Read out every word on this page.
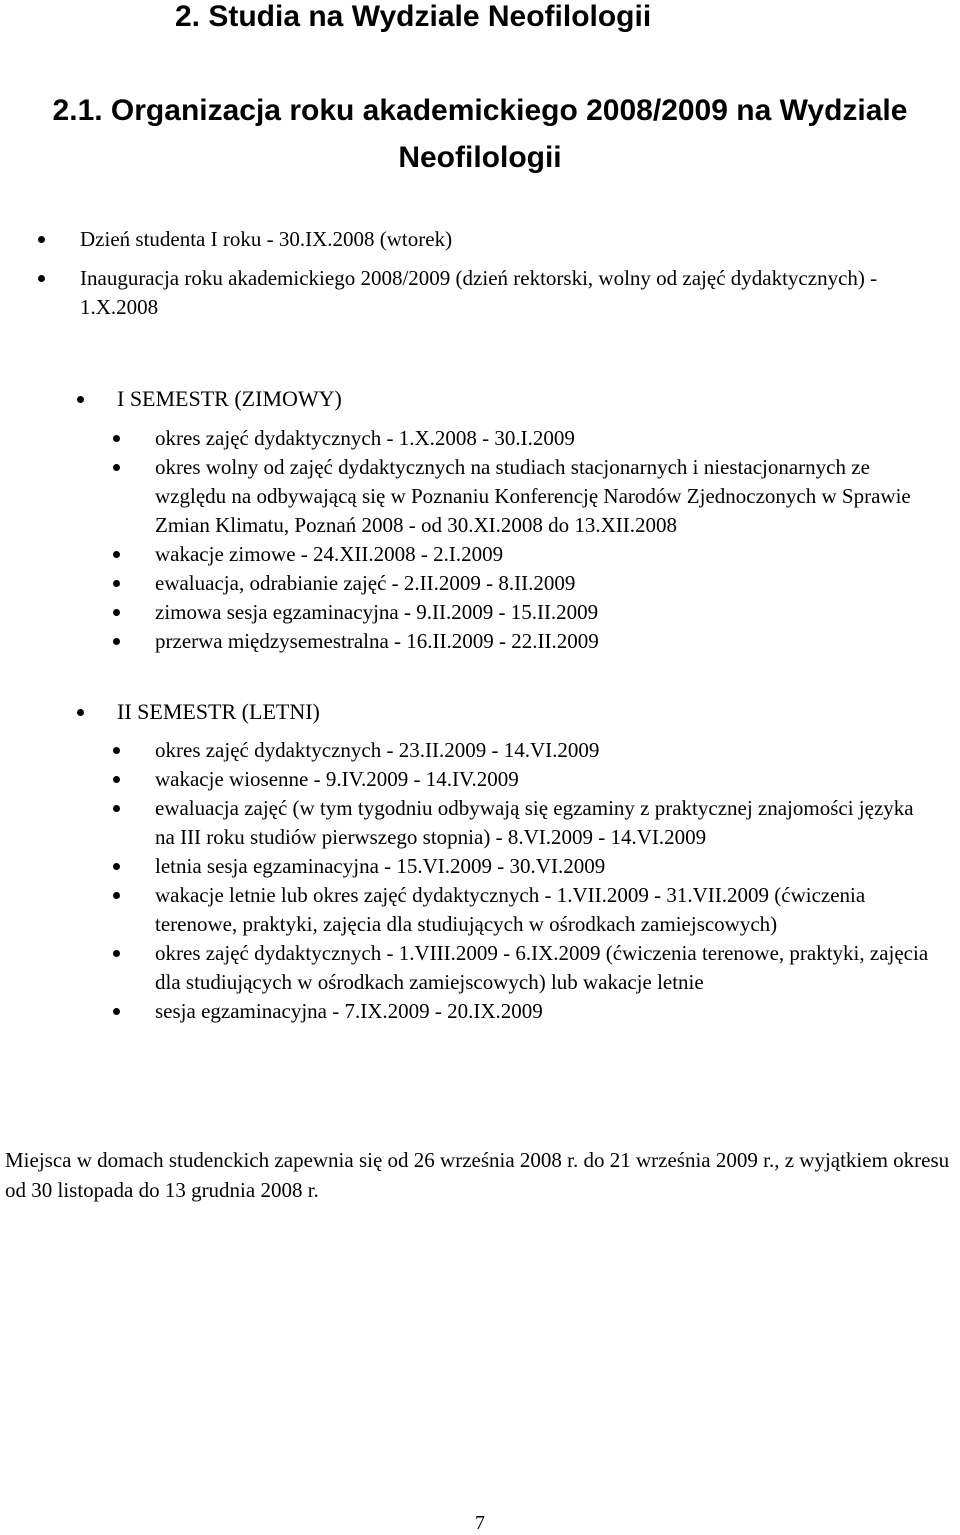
2. Studia na Wydziale Neofilologii
2.1. Organizacja roku akademickiego 2008/2009 na Wydziale Neofilologii
Dzień studenta I roku - 30.IX.2008 (wtorek)
Inauguracja roku akademickiego 2008/2009 (dzień rektorski, wolny od zajęć dydaktycznych) - 1.X.2008
I SEMESTR (ZIMOWY)
okres zajęć dydaktycznych - 1.X.2008 - 30.I.2009
okres wolny od zajęć dydaktycznych na studiach stacjonarnych i niestacjonarnych ze względu na odbywającą się w Poznaniu Konferencję Narodów Zjednoczonych w Sprawie Zmian Klimatu, Poznań 2008 - od 30.XI.2008 do 13.XII.2008
wakacje zimowe - 24.XII.2008 - 2.I.2009
ewaluacja, odrabianie zajęć - 2.II.2009 - 8.II.2009
zimowa sesja egzaminacyjna - 9.II.2009 - 15.II.2009
przerwa międzysemestralna - 16.II.2009 - 22.II.2009
II SEMESTR (LETNI)
okres zajęć dydaktycznych - 23.II.2009 - 14.VI.2009
wakacje wiosenne - 9.IV.2009 - 14.IV.2009
ewaluacja zajęć (w tym tygodniu odbywają się egzaminy z praktycznej znajomości języka na III roku studiów pierwszego stopnia) - 8.VI.2009 - 14.VI.2009
letnia sesja egzaminacyjna - 15.VI.2009 - 30.VI.2009
wakacje letnie lub okres zajęć dydaktycznych - 1.VII.2009 - 31.VII.2009 (ćwiczenia terenowe, praktyki, zajęcia dla studiujących w ośrodkach zamiejscowych)
okres zajęć dydaktycznych - 1.VIII.2009 - 6.IX.2009 (ćwiczenia terenowe, praktyki, zajęcia dla studiujących w ośrodkach zamiejscowych) lub wakacje letnie
sesja egzaminacyjna - 7.IX.2009 - 20.IX.2009

Miejsca w domach studenckich zapewnia się od 26 września 2008 r. do 21 września 2009 r., z wyjątkiem okresu od 30 listopada do 13 grudnia 2008 r.

7
